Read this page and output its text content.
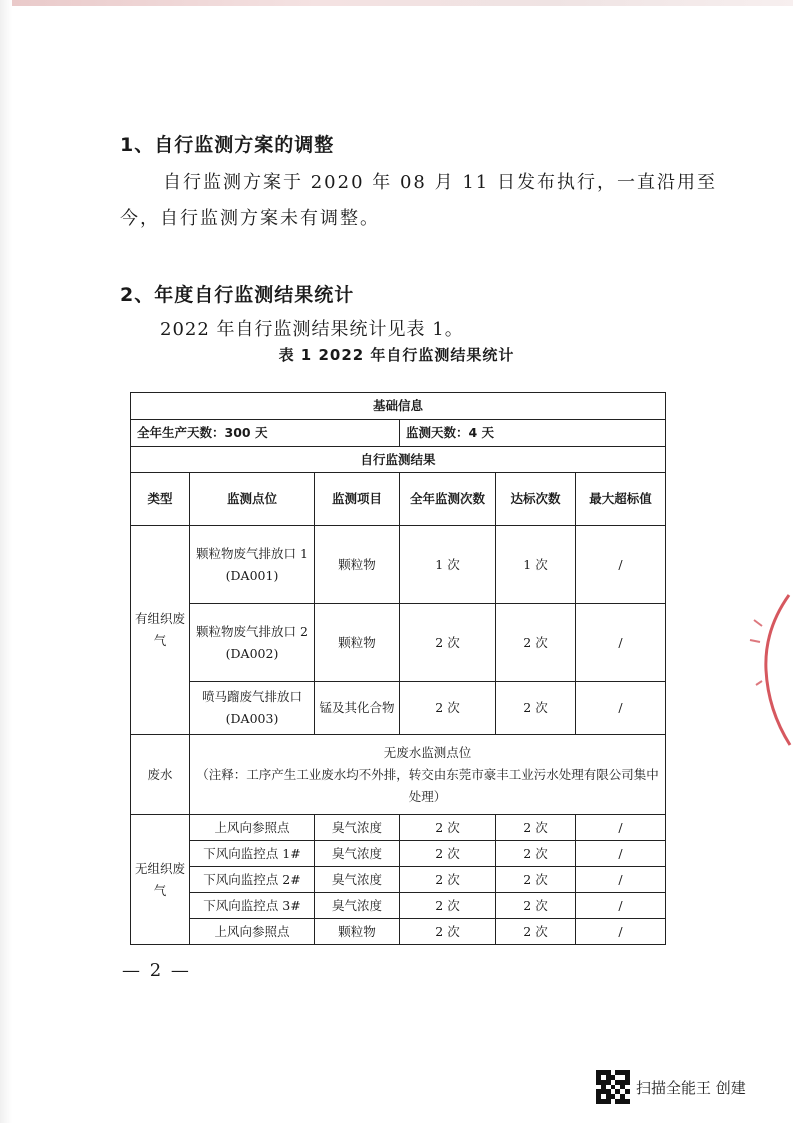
1、自行监测方案的调整
自行监测方案于 2020 年 08 月 11 日发布执行，一直沿用至
今，自行监测方案未有调整。
2、年度自行监测结果统计
2022 年自行监测结果统计见表 1。
表 1 2022 年自行监测结果统计
基础信息					
全年生产天数：300 天			监测天数：4 天		
自行监测结果					
类型	监测点位	监测项目	全年监测次数	达标次数	最大超标值
有组织废气	颗粒物废气排放口 1 (DA001)	颗粒物	1 次	1 次	/
	颗粒物废气排放口 2 (DA002)	颗粒物	2 次	2 次	/
	喷马蹓废气排放口 (DA003)	锰及其化合物	2 次	2 次	/
废水	无废水监测点位
（注释：工序产生工业废水均不外排，转交由东莞市豪丰工业污水处理有限公司集中处理）				

无组织废气	上风向参照点	臭气浓度	2 次	2 次	/
	下风向监控点 1#	臭气浓度	2 次	2 次	/
	下风向监控点 2#	臭气浓度	2 次	2 次	/
	下风向监控点 3#	臭气浓度	2 次	2 次	/
	上风向参照点	颗粒物	2 次	2 次	/
— 2 —
扫描全能王 创建
